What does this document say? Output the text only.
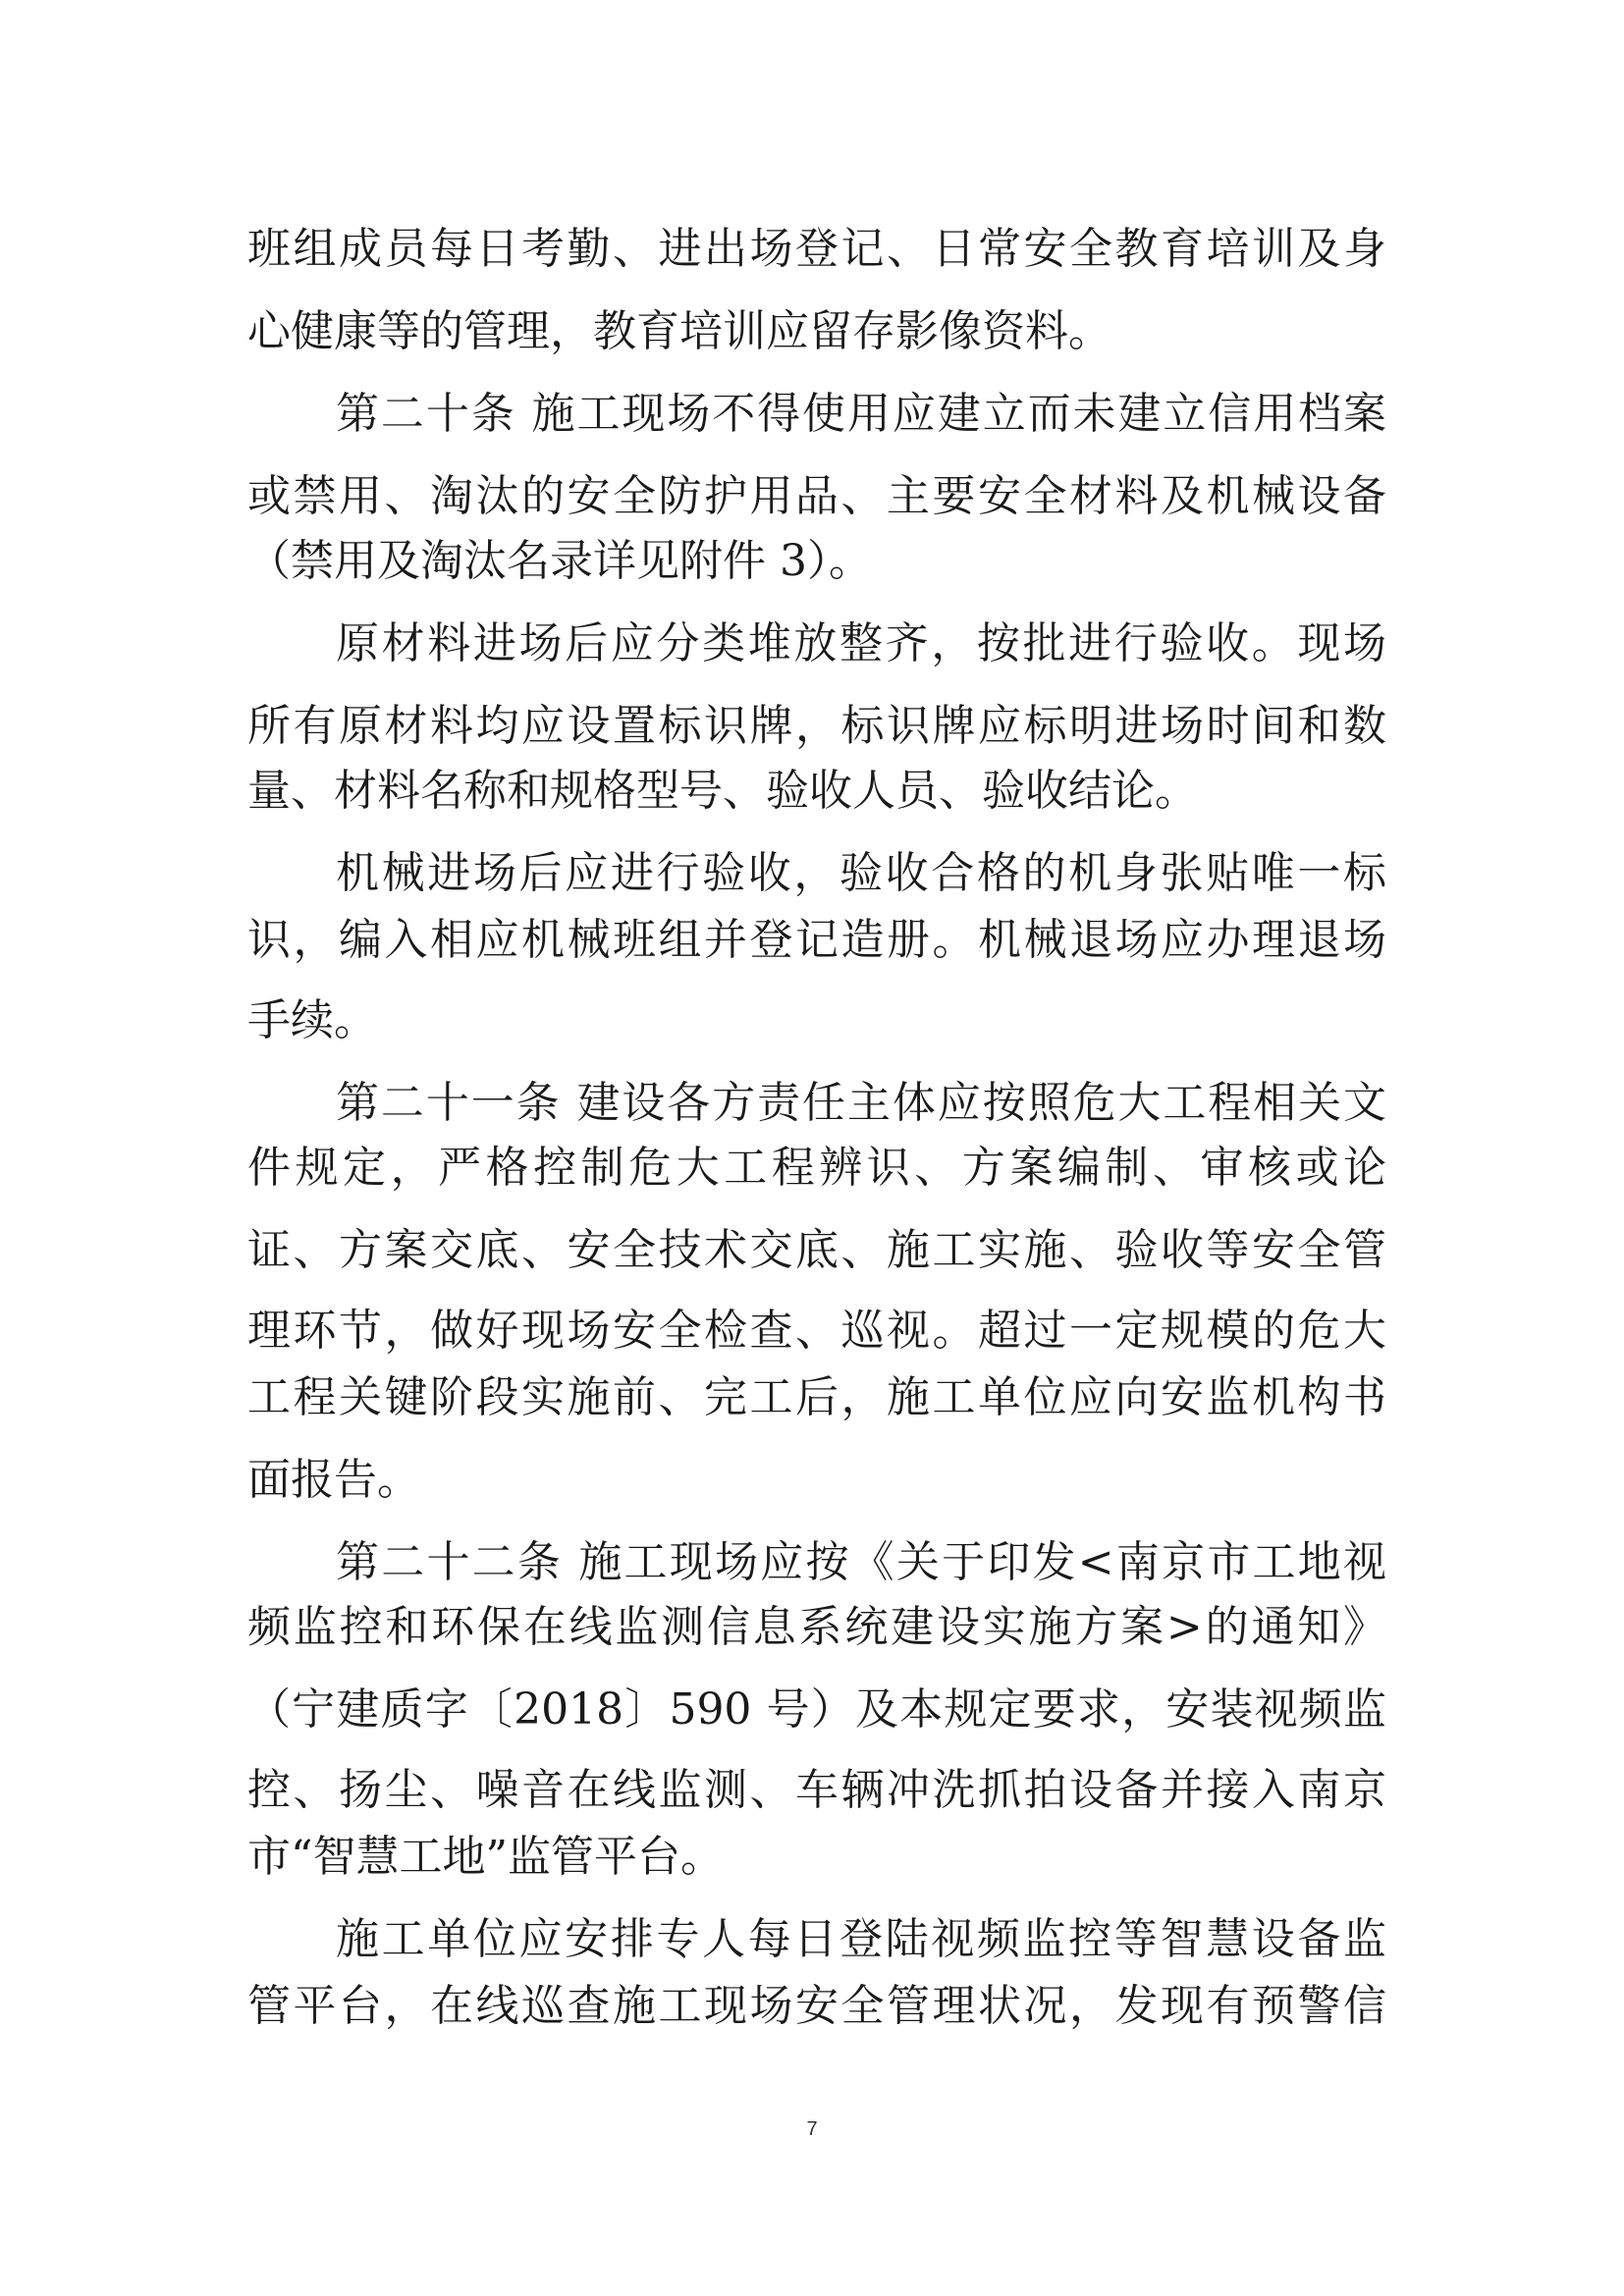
班组成员每日考勤、进出场登记、日常安全教育培训及身
心健康等的管理，教育培训应留存影像资料。
第二十条 施工现场不得使用应建立而未建立信用档案
或禁用、淘汰的安全防护用品、主要安全材料及机械设备
（禁用及淘汰名录详见附件 3）。
原材料进场后应分类堆放整齐，按批进行验收。现场
所有原材料均应设置标识牌，标识牌应标明进场时间和数
量、材料名称和规格型号、验收人员、验收结论。
机械进场后应进行验收，验收合格的机身张贴唯一标
识，编入相应机械班组并登记造册。机械退场应办理退场
手续。
第二十一条 建设各方责任主体应按照危大工程相关文
件规定，严格控制危大工程辨识、方案编制、审核或论
证、方案交底、安全技术交底、施工实施、验收等安全管
理环节，做好现场安全检查、巡视。超过一定规模的危大
工程关键阶段实施前、完工后，施工单位应向安监机构书
面报告。
第二十二条 施工现场应按《关于印发<南京市工地视
频监控和环保在线监测信息系统建设实施方案>的通知》
（宁建质字〔2018〕590 号）及本规定要求，安装视频监
控、扬尘、噪音在线监测、车辆冲洗抓拍设备并接入南京
市“智慧工地”监管平台。
施工单位应安排专人每日登陆视频监控等智慧设备监
管平台，在线巡查施工现场安全管理状况，发现有预警信
7
